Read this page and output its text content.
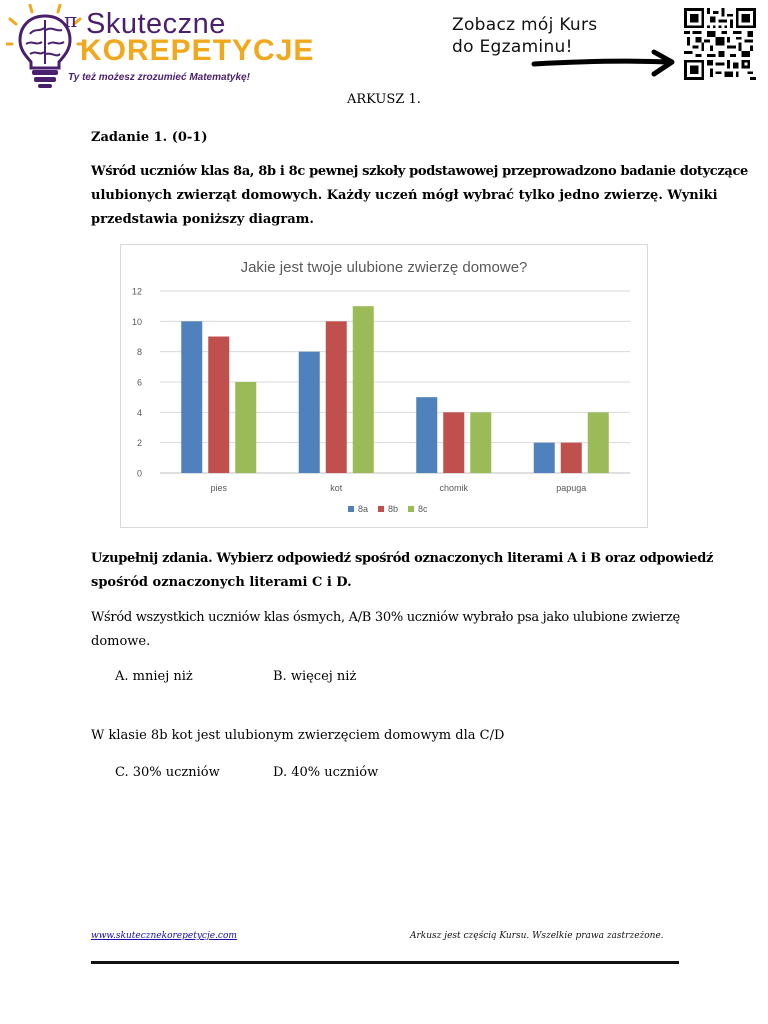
π Skuteczne
KOREPETYCJE
Ty też możesz zrozumieć Matematykę!
Zobacz mój Kurs
do Egzaminu!
ARKUSZ 1.
Zadanie 1. (0-1)
Wśród uczniów klas 8a, 8b i 8c pewnej szkoły podstawowej przeprowadzono badanie dotyczące
ulubionych zwierząt domowych. Każdy uczeń mógł wybrać tylko jedno zwierzę. Wyniki
przedstawia poniższy diagram.
Jakie jest twoje ulubione zwierzę domowe?
0
2
4
6
8
10
12
pies	kot	chomik	papuga
8a 8b 8c
Uzupełnij zdania. Wybierz odpowiedź spośród oznaczonych literami A i B oraz odpowiedź
spośród oznaczonych literami C i D.
Wśród wszystkich uczniów klas ósmych, A/B 30% uczniów wybrało psa jako ulubione zwierzę
domowe.
A. mniej niż	B. więcej niż
W klasie 8b kot jest ulubionym zwierzęciem domowym dla C/D
C. 30% uczniów	D. 40% uczniów
www.skutecznekorepetycje.com	Arkusz jest częścią Kursu. Wszelkie prawa zastrzeżone.
